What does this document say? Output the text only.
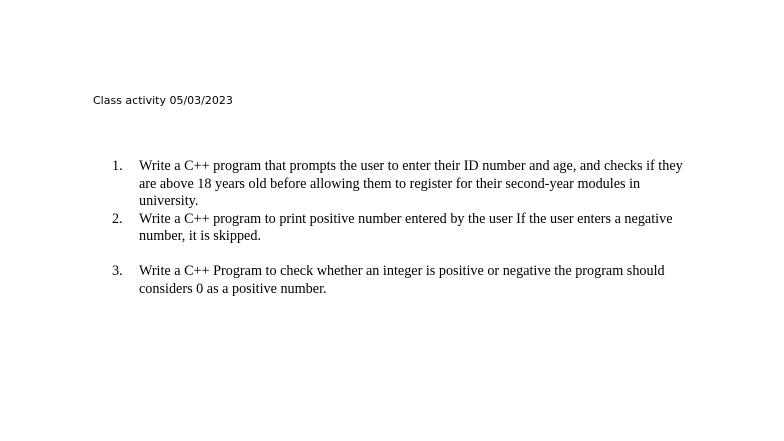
Class activity 05/03/2023
1. Write a C++ program that prompts the user to enter their ID number and age, and checks if they are above 18 years old before allowing them to register for their second-year modules in university.
2. Write a C++ program to print positive number entered by the user If the user enters a negative number, it is skipped.
3. Write a C++ Program to check whether an integer is positive or negative the program should considers 0 as a positive number.
